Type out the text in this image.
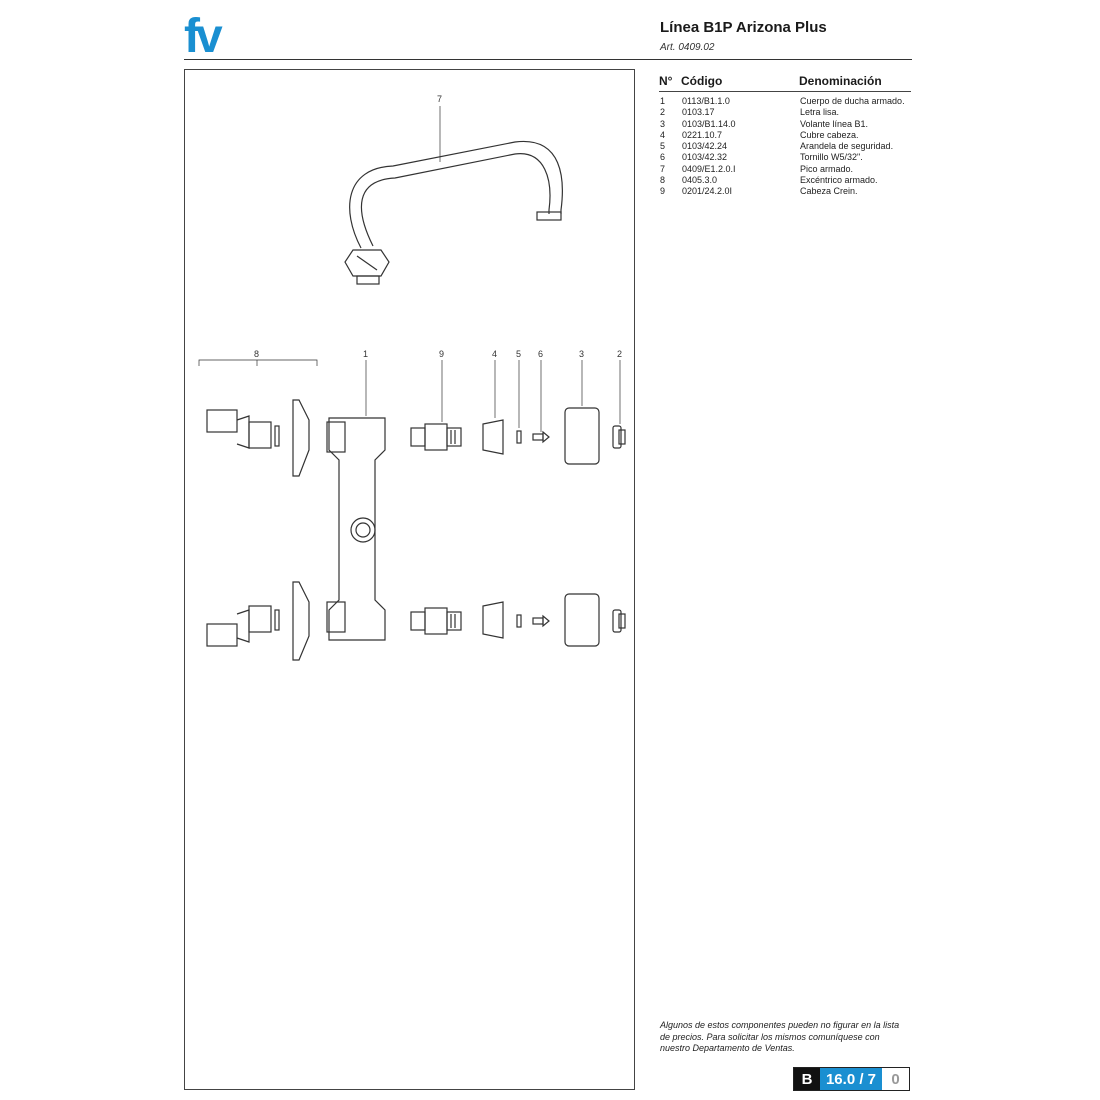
fv	Línea B1P Arizona Plus
Art. 0409.02
7
8	1	9	4 5 6	3	2
N° Código	Denominación
1	0113/B1.1.0	Cuerpo de ducha armado.
2	0103.17	Letra lisa.
3	0103/B1.14.0	Volante línea B1.
4	0221.10.7	Cubre cabeza.
5	0103/42.24	Arandela de seguridad.
6	0103/42.32	Tornillo W5/32".
7	0409/E1.2.0.I	Pico armado.
8	0405.3.0	Excéntrico armado.
9	0201/24.2.0I	Cabeza Crein.
Algunos de estos componentes pueden no figurar en la lista de precios. Para solicitar los mismos comuníquese con nuestro Departamento de Ventas.
B 16.0 / 7	0
